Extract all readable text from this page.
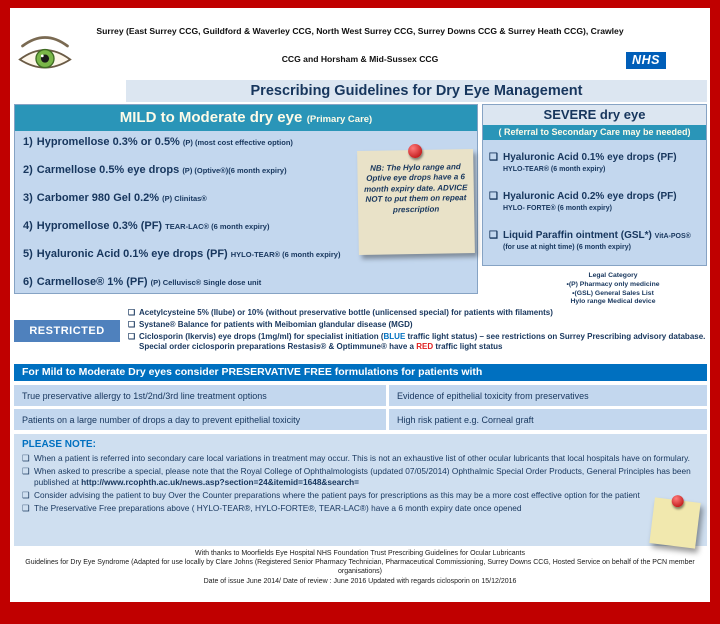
Surrey (East Surrey CCG, Guildford & Waverley CCG, North West Surrey CCG, Surrey Downs CCG & Surrey Heath CCG), Crawley
CCG and Horsham & Mid-Sussex CCG	NHS
Prescribing Guidelines for Dry Eye Management
MILD to Moderate dry eye (Primary Care)
1) Hypromellose 0.3% or 0.5% (P) (most cost effective option)
2) Carmellose 0.5% eye drops (P) (Optive®)(6 month expiry)
3) Carbomer 980 Gel 0.2% (P) Clinitas®
4) Hypromellose 0.3% (PF) TEAR-LAC® (6 month expiry)
5) Hyaluronic Acid 0.1% eye drops (PF) HYLO-TEAR® (6 month expiry)
6) Carmellose® 1% (PF) (P) Celluvisc® Single dose unit
NB: The Hylo range and Optive eye drops have a 6 month expiry date. ADVICE NOT to put them on repeat prescription
SEVERE dry eye
( Referral to Secondary Care may be needed)
❑ Hyaluronic Acid 0.1% eye drops (PF) HYLO-TEAR® (6 month expiry)
❑ Hyaluronic Acid 0.2% eye drops (PF) HYLO- FORTE® (6 month expiry)
❑ Liquid Paraffin ointment (GSL*) VitA-POS® (for use at night time) (6 month expiry)
Legal Category
•(P) Pharmacy only medicine
•(GSL) General Sales List
Hylo range Medical device
RESTRICTED
❑ Acetylcysteine 5% (Ilube) or 10% (without preservative bottle (unlicensed special) for patients with filaments)
❑ Systane® Balance for patients with Meibomian glandular disease (MGD)
❑ Ciclosporin (Ikervis) eye drops (1mg/ml) for specialist initiation (BLUE traffic light status) – see restrictions on Surrey Prescribing advisory database. Special order ciclosporin preparations Restasis® & Optimmune® have a RED traffic light status
For Mild to Moderate Dry eyes consider PRESERVATIVE FREE formulations for patients with
True preservative allergy to 1st/2nd/3rd line treatment options	Evidence of epithelial toxicity from preservatives
Patients on a large number of drops a day to prevent epithelial toxicity	High risk patient e.g. Corneal graft
PLEASE NOTE:
❑ When a patient is referred into secondary care local variations in treatment may occur. This is not an exhaustive list of other ocular lubricants that local hospitals have on formulary.
❑ When asked to prescribe a special, please note that the Royal College of Ophthalmologists (updated 07/05/2014) Ophthalmic Special Order Products, General Principles has been published at http://www.rcophth.ac.uk/news.asp?section=24&itemid=1648&search=
❑ Consider advising the patient to buy Over the Counter preparations where the patient pays for prescriptions as this may be a more cost effective option for the patient
❑ The Preservative Free preparations above ( HYLO-TEAR®, HYLO-FORTE®, TEAR-LAC®) have a 6 month expiry date once opened
With thanks to Moorfields Eye Hospital NHS Foundation Trust Prescribing Guidelines for Ocular Lubricants
Guidelines for Dry Eye Syndrome (Adapted for use locally by Clare Johns (Registered Senior Pharmacy Technician, Pharmaceutical Commissioning, Surrey Downs CCG, Hosted Service on behalf of the PCN member organisations)
Date of issue June 2014/ Date of review : June 2016 Updated with regards ciclosporin on 15/12/2016
